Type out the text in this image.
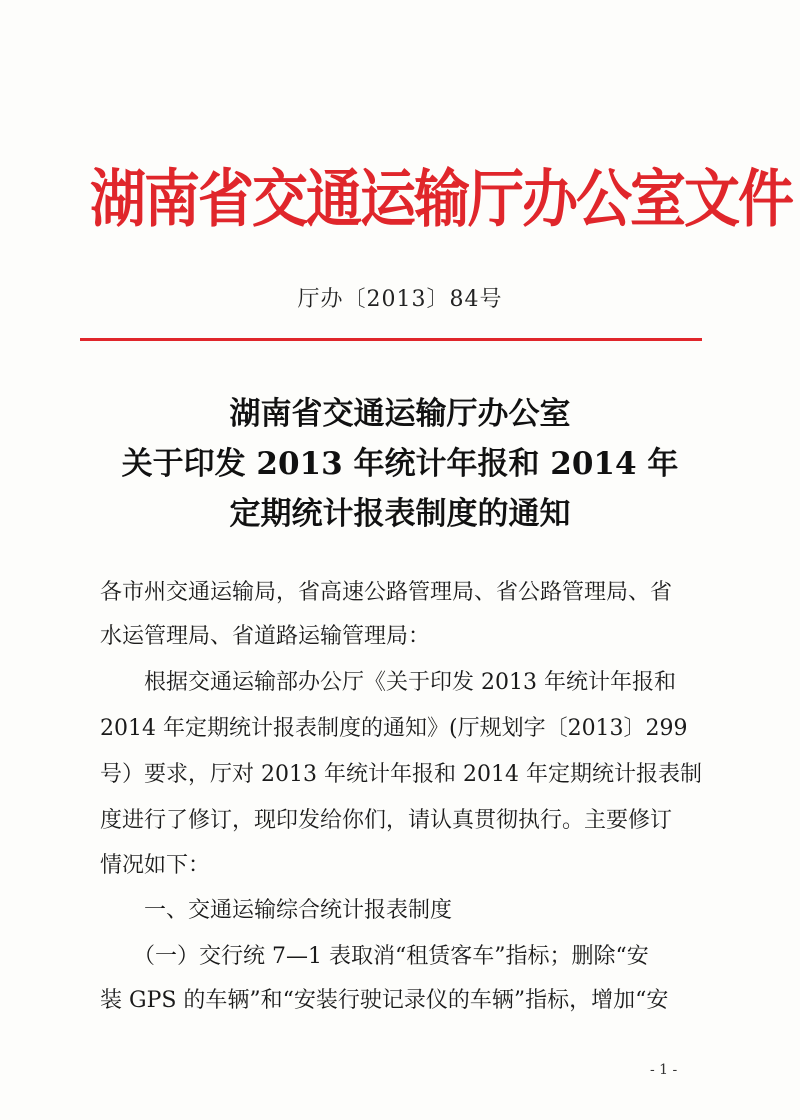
湖南省交通运输厅办公室文件
厅办〔2013〕84号
湖南省交通运输厅办公室
关于印发 2013 年统计年报和 2014 年
定期统计报表制度的通知
各市州交通运输局，省高速公路管理局、省公路管理局、省
水运管理局、省道路运输管理局：
　　根据交通运输部办公厅《关于印发 2013 年统计年报和
2014 年定期统计报表制度的通知》(厅规划字〔2013〕299
号）要求，厅对 2013 年统计年报和 2014 年定期统计报表制
度进行了修订，现印发给你们，请认真贯彻执行。主要修订
情况如下：
　　一、交通运输综合统计报表制度
　　（一）交行统 7—1 表取消“租赁客车”指标；删除“安
装 GPS 的车辆”和“安装行驶记录仪的车辆”指标，增加“安
- 1 -
